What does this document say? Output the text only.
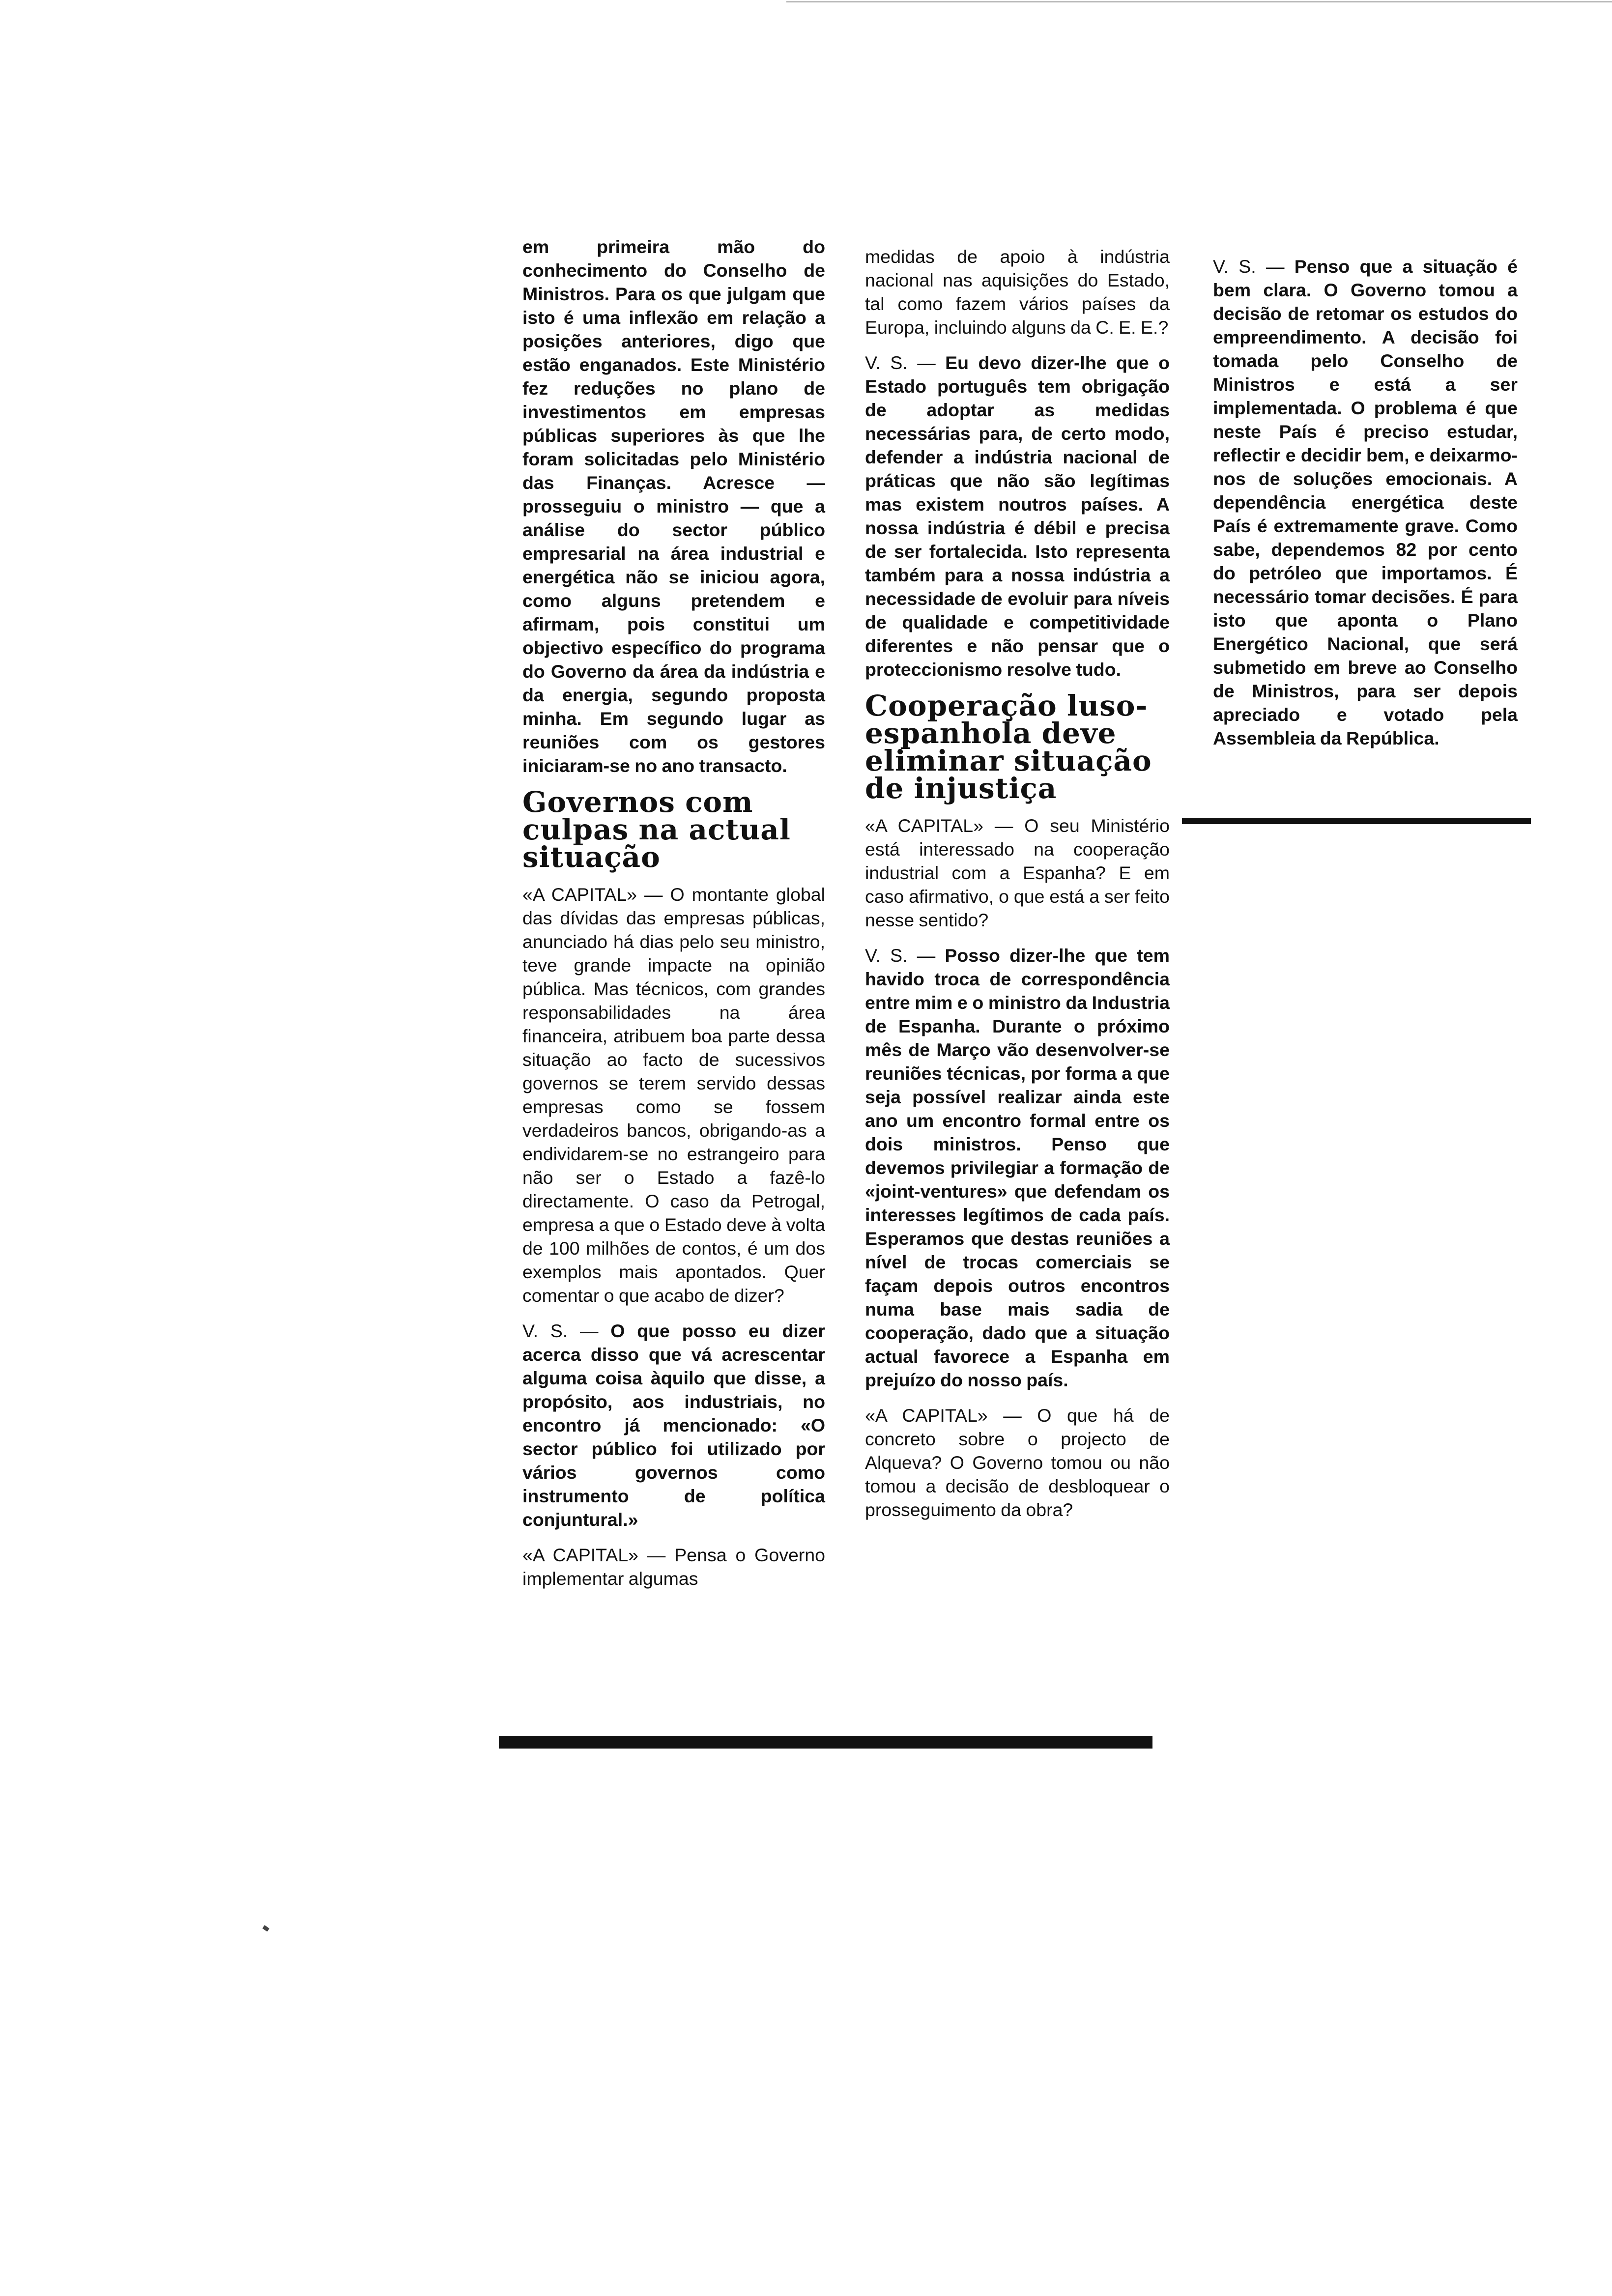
em primeira mão do conhecimento do Conselho de Ministros. Para os que julgam que isto é uma inflexão em relação a posições anteriores, digo que estão enganados. Este Ministério fez reduções no plano de investimentos em empresas públicas superiores às que lhe foram solicitadas pelo Ministério das Finanças. Acresce — prosseguiu o ministro — que a análise do sector público empresarial na área industrial e energética não se iniciou agora, como alguns pretendem e afirmam, pois constitui um objectivo específico do programa do Governo da área da indústria e da energia, segundo proposta minha. Em segundo lugar as reuniões com os gestores iniciaram-se no ano transacto.

Governos com culpas na actual situação

«A CAPITAL» — O montante global das dívidas das empresas públicas, anunciado há dias pelo seu ministro, teve grande impacte na opinião pública. Mas técnicos, com grandes responsabilidades na área financeira, atribuem boa parte dessa situação ao facto de sucessivos governos se terem servido dessas empresas como se fossem verdadeiros bancos, obrigando-as a endividarem-se no estrangeiro para não ser o Estado a fazê-lo directamente. O caso da Petrogal, empresa a que o Estado deve à volta de 100 milhões de contos, é um dos exemplos mais apontados. Quer comentar o que acabo de dizer?

V. S. — O que posso eu dizer acerca disso que vá acrescentar alguma coisa àquilo que disse, a propósito, aos industriais, no encontro já mencionado: «O sector público foi utilizado por vários governos como instrumento de política conjuntural.»

«A CAPITAL» — Pensa o Governo implementar algumas

medidas de apoio à indústria nacional nas aquisições do Estado, tal como fazem vários países da Europa, incluindo alguns da C. E. E.?

V. S. — Eu devo dizer-lhe que o Estado português tem obrigação de adoptar as medidas necessárias para, de certo modo, defender a indústria nacional de práticas que não são legítimas mas existem noutros países. A nossa indústria é débil e precisa de ser fortalecida. Isto representa também para a nossa indústria a necessidade de evoluir para níveis de qualidade e competitividade diferentes e não pensar que o proteccionismo resolve tudo.

Cooperação luso-espanhola deve eliminar situação de injustiça

«A CAPITAL» — O seu Ministério está interessado na cooperação industrial com a Espanha? E em caso afirmativo, o que está a ser feito nesse sentido?

V. S. — Posso dizer-lhe que tem havido troca de correspondência entre mim e o ministro da Industria de Espanha. Durante o próximo mês de Março vão desenvolver-se reuniões técnicas, por forma a que seja possível realizar ainda este ano um encontro formal entre os dois ministros. Penso que devemos privilegiar a formação de «joint-ventures» que defendam os interesses legítimos de cada país. Esperamos que destas reuniões a nível de trocas comerciais se façam depois outros encontros numa base mais sadia de cooperação, dado que a situação actual favorece a Espanha em prejuízo do nosso país.

«A CAPITAL» — O que há de concreto sobre o projecto de Alqueva? O Governo tomou ou não tomou a decisão de desbloquear o prosseguimento da obra?

V. S. — Penso que a situação é bem clara. O Governo tomou a decisão de retomar os estudos do empreendimento. A decisão foi tomada pelo Conselho de Ministros e está a ser implementada. O problema é que neste País é preciso estudar, reflectir e decidir bem, e deixarmo-nos de soluções emocionais. A dependência energética deste País é extremamente grave. Como sabe, dependemos 82 por cento do petróleo que importamos. É necessário tomar decisões. É para isto que aponta o Plano Energético Nacional, que será submetido em breve ao Conselho de Ministros, para ser depois apreciado e votado pela Assembleia da República.
